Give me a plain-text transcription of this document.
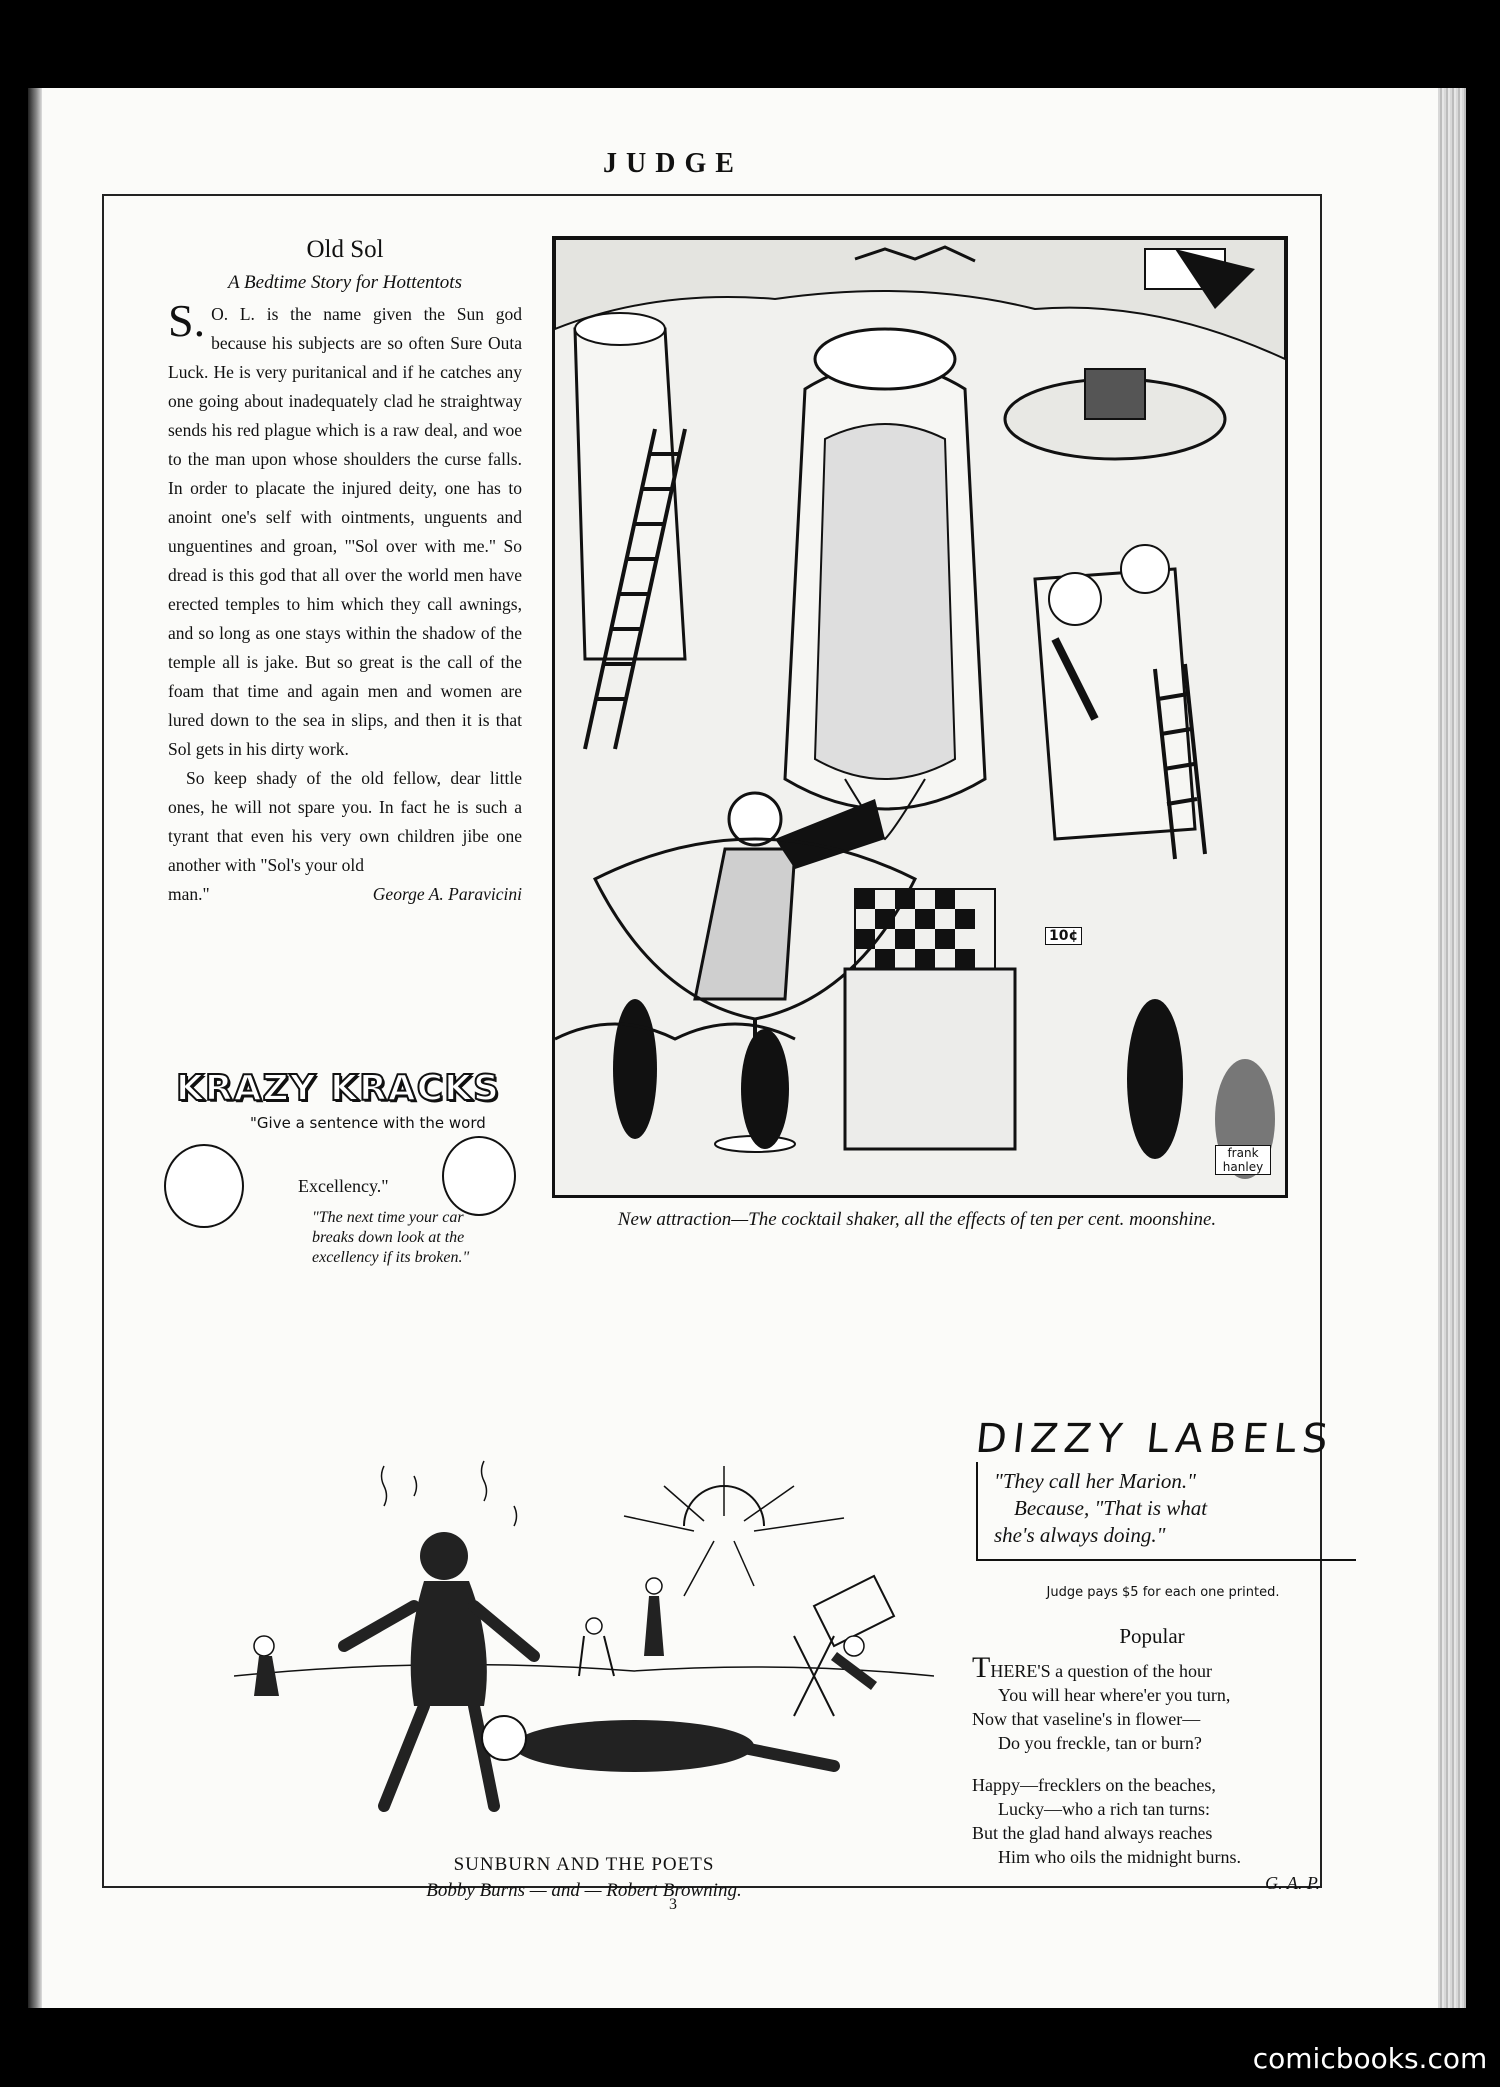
JUDGE
Old Sol
A Bedtime Story for Hottentots

S. O. L. is the name given the Sun god because his subjects are so often Sure Outa Luck. He is very puritanical and if he catches any one going about inadequately clad he straightway sends his red plague which is a raw deal, and woe to the man upon whose shoulders the curse falls. In order to placate the injured deity, one has to anoint one's self with ointments, unguents and unguentines and groan, "'Sol over with me." So dread is this god that all over the world men have erected temples to him which they call awnings, and so long as one stays within the shadow of the temple all is jake. But so great is the call of the foam that time and again men and women are lured down to the sea in slips, and then it is that Sol gets in his dirty work.

So keep shady of the old fellow, dear little ones, he will not spare you. In fact he is such a tyrant that even his very own children jibe one another with "Sol's your old

man."	George A. Paravicini
10¢
frank hanley
New attraction—The cocktail shaker, all the effects of ten per cent. moonshine.
KRAZY KRACKS
"Give a sentence with the word
Excellency."
"The next time your car breaks down look at the excellency if its broken."
DIZZY LABELS
"They call her Marion."
Because, "That is what
she's always doing."
Judge pays $5 for each one printed.
Popular
THERE'S a question of the hour
You will hear where'er you turn,
Now that vaseline's in flower—
Do you freckle, tan or burn?
Happy—frecklers on the beaches,
Lucky—who a rich tan turns:
But the glad hand always reaches
Him who oils the midnight burns.
G. A. P.
SUNBURN AND THE POETS
Bobby Burns — and — Robert Browning.
3
comicbooks.com
